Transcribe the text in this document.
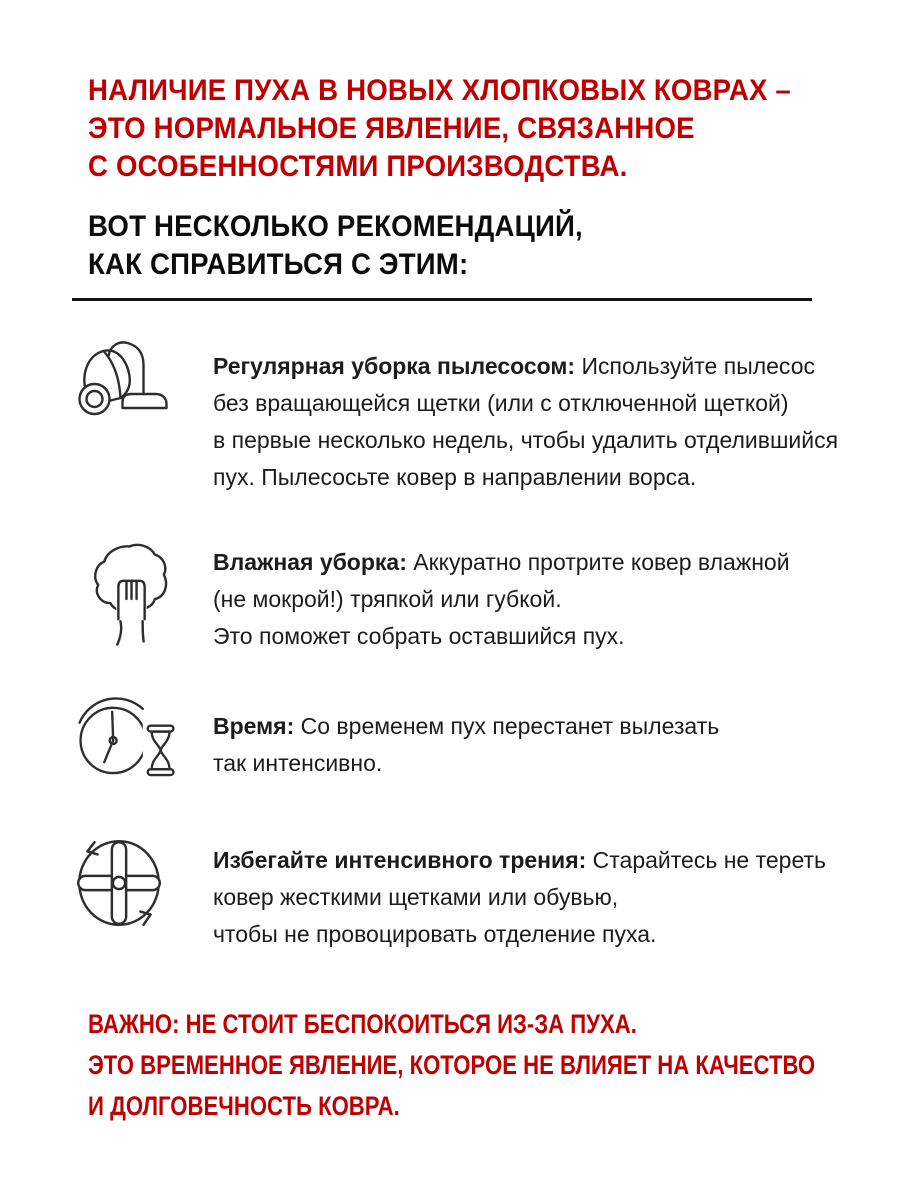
НАЛИЧИЕ ПУХА В НОВЫХ ХЛОПКОВЫХ КОВРАХ –
ЭТО НОРМАЛЬНОЕ ЯВЛЕНИЕ, СВЯЗАННОЕ
С ОСОБЕННОСТЯМИ ПРОИЗВОДСТВА.
ВОТ НЕСКОЛЬКО РЕКОМЕНДАЦИЙ,
КАК СПРАВИТЬСЯ С ЭТИМ:
Регулярная уборка пылесосом: Используйте пылесос
без вращающейся щетки (или с отключенной щеткой)
в первые несколько недель, чтобы удалить отделившийся
пух. Пылесосьте ковер в направлении ворса.
Влажная уборка: Аккуратно протрите ковер влажной
(не мокрой!) тряпкой или губкой.
Это поможет собрать оставшийся пух.
Время: Со временем пух перестанет вылезать
так интенсивно.
Избегайте интенсивного трения: Старайтесь не тереть
ковер жесткими щетками или обувью,
чтобы не провоцировать отделение пуха.
ВАЖНО: НЕ СТОИТ БЕСПОКОИТЬСЯ ИЗ-ЗА ПУХА.
ЭТО ВРЕМЕННОЕ ЯВЛЕНИЕ, КОТОРОЕ НЕ ВЛИЯЕТ НА КАЧЕСТВО
И ДОЛГОВЕЧНОСТЬ КОВРА.
